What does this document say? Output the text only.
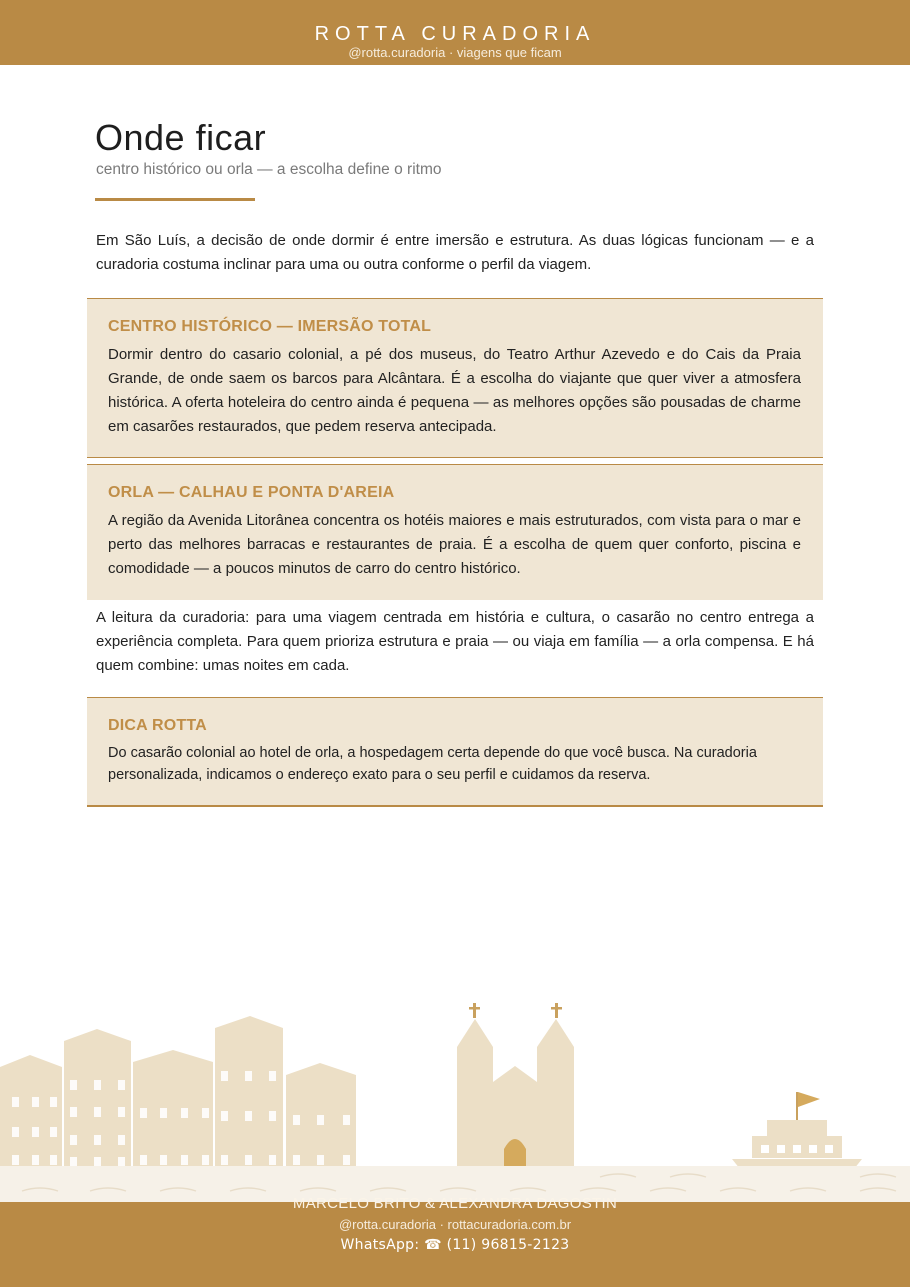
ROTTA CURADORIA
@rotta.curadoria · viagens que ficam
Onde ficar
centro histórico ou orla — a escolha define o ritmo

Em São Luís, a decisão de onde dormir é entre imersão e estrutura. As duas lógicas funcionam — e a curadoria costuma inclinar para uma ou outra conforme o perfil da viagem.

CENTRO HISTÓRICO — IMERSÃO TOTAL

Dormir dentro do casario colonial, a pé dos museus, do Teatro Arthur Azevedo e do Cais da Praia Grande, de onde saem os barcos para Alcântara. É a escolha do viajante que quer viver a atmosfera histórica. A oferta hoteleira do centro ainda é pequena — as melhores opções são pousadas de charme em casarões restaurados, que pedem reserva antecipada.

ORLA — CALHAU E PONTA D'AREIA

A região da Avenida Litorânea concentra os hotéis maiores e mais estruturados, com vista para o mar e perto das melhores barracas e restaurantes de praia. É a escolha de quem quer conforto, piscina e comodidade — a poucos minutos de carro do centro histórico.

A leitura da curadoria: para uma viagem centrada em história e cultura, o casarão no centro entrega a experiência completa. Para quem prioriza estrutura e praia — ou viaja em família — a orla compensa. E há quem combine: umas noites em cada.

DICA ROTTA

Do casarão colonial ao hotel de orla, a hospedagem certa depende do que você busca. Na curadoria personalizada, indicamos o endereço exato para o seu perfil e cuidamos da reserva.

MARCELO BRITO & ALEXANDRA DAGOSTIN
@rotta.curadoria · rottacuradoria.com.br
WhatsApp: ☎ (11) 96815-2123
